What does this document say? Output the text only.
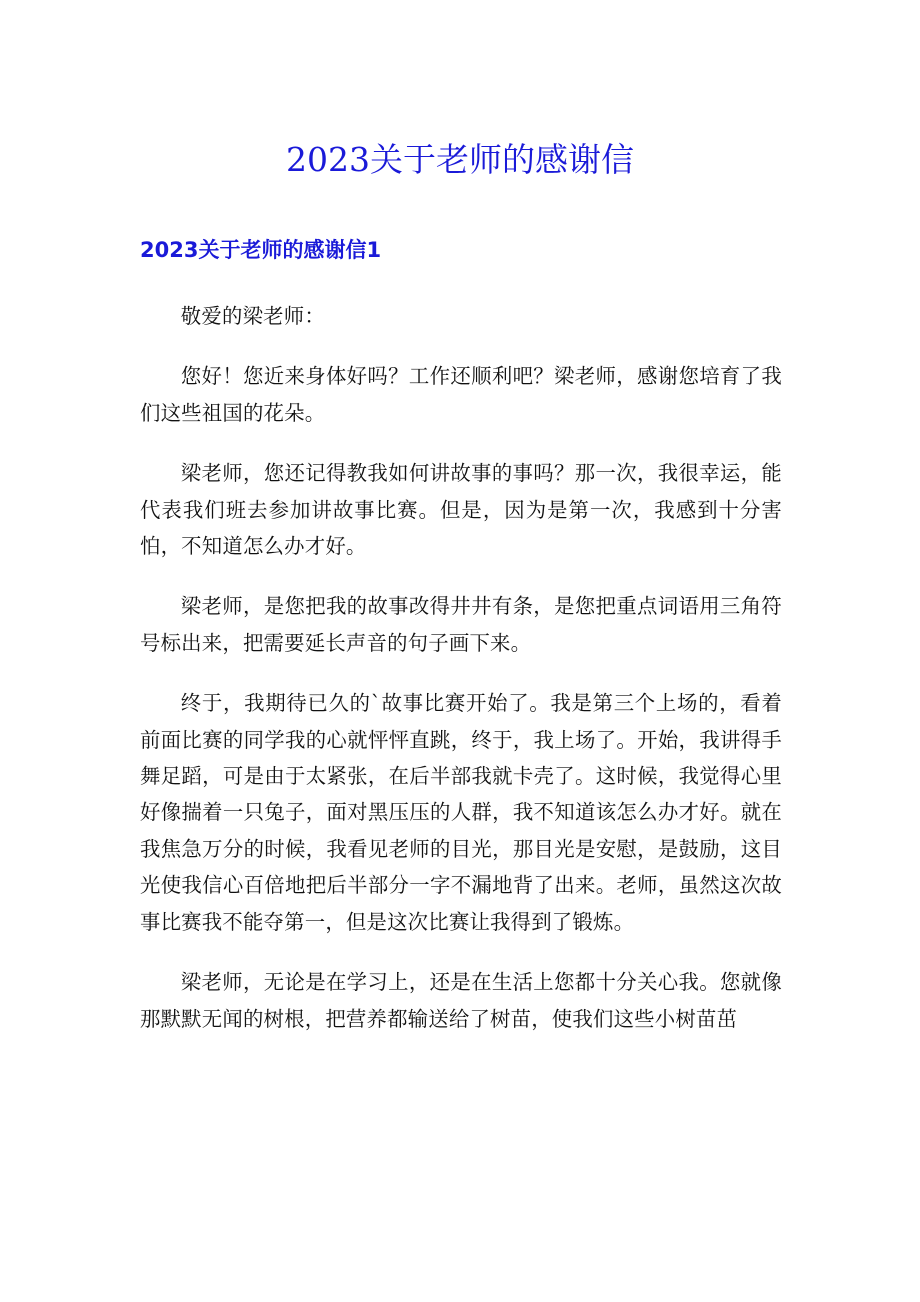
2023关于老师的感谢信
2023关于老师的感谢信1

敬爱的梁老师：

您好！您近来身体好吗？工作还顺利吧？梁老师，感谢您培育了我们这些祖国的花朵。

梁老师，您还记得教我如何讲故事的事吗？那一次，我很幸运，能代表我们班去参加讲故事比赛。但是，因为是第一次，我感到十分害怕，不知道怎么办才好。

梁老师，是您把我的故事改得井井有条，是您把重点词语用三角符号标出来，把需要延长声音的句子画下来。

终于，我期待已久的`故事比赛开始了。我是第三个上场的，看着前面比赛的同学我的心就怦怦直跳，终于，我上场了。开始，我讲得手舞足蹈，可是由于太紧张，在后半部我就卡壳了。这时候，我觉得心里好像揣着一只兔子，面对黑压压的人群，我不知道该怎么办才好。就在我焦急万分的时候，我看见老师的目光，那目光是安慰，是鼓励，这目光使我信心百倍地把后半部分一字不漏地背了出来。老师，虽然这次故事比赛我不能夺第一，但是这次比赛让我得到了锻炼。

梁老师，无论是在学习上，还是在生活上您都十分关心我。您就像那默默无闻的树根，把营养都输送给了树苗，使我们这些小树苗茁
